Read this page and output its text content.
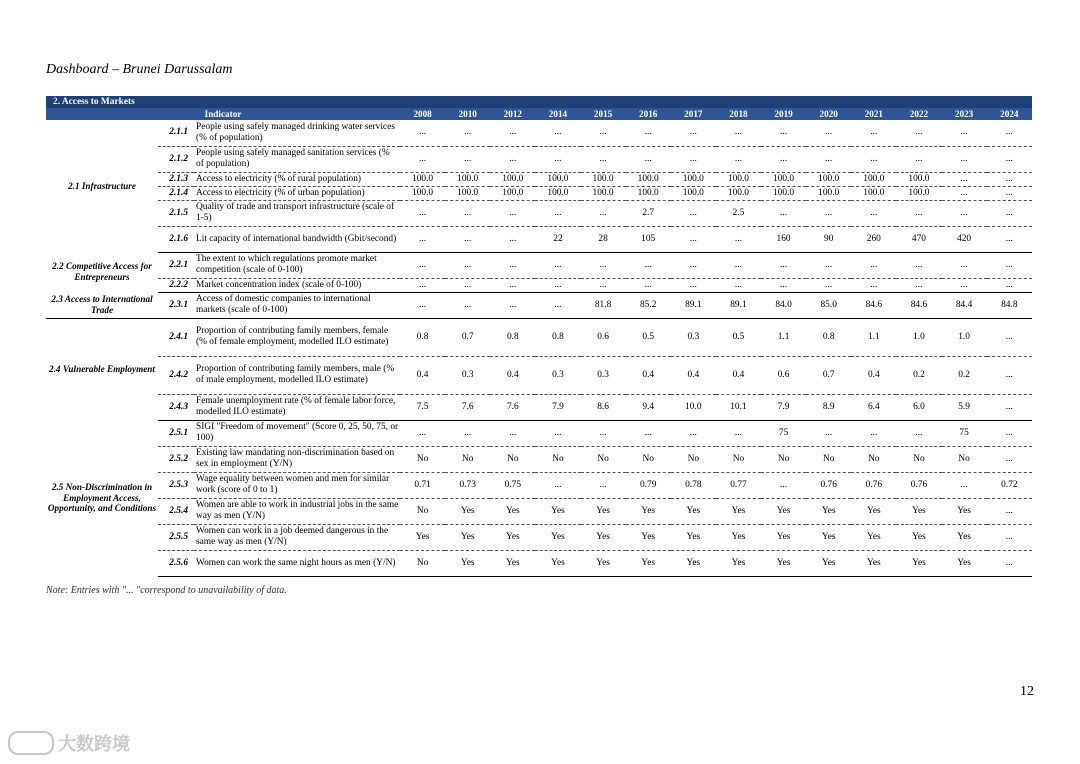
Dashboard – Brunei Darussalam
2. Access to Markets																
Indicator			2008	2010	2012	2014	2015	2016	2017	2018	2019	2020	2021	2022	2023	2024
2.1 Infrastructure	2.1.1	People using safely managed drinking water services (% of population)	...	...	...	...	...	...	...	...	...	...	...	...	...	...
	2.1.2	People using safely managed sanitation services (% of population)	...	...	...	...	...	...	...	...	...	...	...	...	...	...
	2.1.3	Access to electricity (% of rural population)	100.0	100.0	100.0	100.0	100.0	100.0	100.0	100.0	100.0	100.0	100.0	100.0	...	...
	2.1.4	Access to electricity (% of urban population)	100.0	100.0	100.0	100.0	100.0	100.0	100.0	100.0	100.0	100.0	100.0	100.0	...	...
	2.1.5	Quality of trade and transport infrastructure (scale of 1-5)	...	...	...	...	...	2.7	...	2.5	...	...	...	...	...	...
	2.1.6	Lit capacity of international bandwidth (Gbit/second)	...	...	...	22	28	105	...	...	160	90	260	470	420	...
2.2 Competitive Access for Entrepreneurs	2.2.1	The extent to which regulations promote market competition (scale of 0-100)	...	...	...	...	...	...	...	...	...	...	...	...	...	...
	2.2.2	Market concentration index (scale of 0-100)	...	...	...	...	...	...	...	...	...	...	...	...	...	...
2.3 Access to International Trade	2.3.1	Access of domestic companies to international markets (scale of 0-100)	...	...	...	...	81.8	85.2	89.1	89.1	84.0	85.0	84.6	84.6	84.4	84.8
2.4 Vulnerable Employment	2.4.1	Proportion of contributing family members, female (% of female employment, modelled ILO estimate)	0.8	0.7	0.8	0.8	0.6	0.5	0.3	0.5	1.1	0.8	1.1	1.0	1.0	...
	2.4.2	Proportion of contributing family members, male (% of male employment, modelled ILO estimate)	0.4	0.3	0.4	0.3	0.3	0.4	0.4	0.4	0.6	0.7	0.4	0.2	0.2	...
	2.4.3	Female unemployment rate (% of female labor force, modelled ILO estimate)	7.5	7.6	7.6	7.9	8.6	9.4	10.0	10.1	7.9	8.9	6.4	6.0	5.9	...
2.5 Non-Discrimination in Employment Access, Opportunity, and Conditions	2.5.1	SIGI "Freedom of movement" (Score 0, 25, 50, 75, or 100)	...	...	...	...	...	...	...	...	75	...	...	...	75	...
	2.5.2	Existing law mandating non-discrimination based on sex in employment (Y/N)	No	No	No	No	No	No	No	No	No	No	No	No	No	...
	2.5.3	Wage equality between women and men for similar work (score of 0 to 1)	0.71	0.73	0.75	...	...	0.79	0.78	0.77	...	0.76	0.76	0.76	...	0.72
	2.5.4	Women are able to work in industrial jobs in the same way as men (Y/N)	No	Yes	Yes	Yes	Yes	Yes	Yes	Yes	Yes	Yes	Yes	Yes	Yes	...
	2.5.5	Women can work in a job deemed dangerous in the same way as men (Y/N)	Yes	Yes	Yes	Yes	Yes	Yes	Yes	Yes	Yes	Yes	Yes	Yes	Yes	...
	2.5.6	Women can work the same night hours as men (Y/N)	No	Yes	Yes	Yes	Yes	Yes	Yes	Yes	Yes	Yes	Yes	Yes	Yes	...
Note: Entries with "... "correspond to unavailability of data.
12
大数跨境
